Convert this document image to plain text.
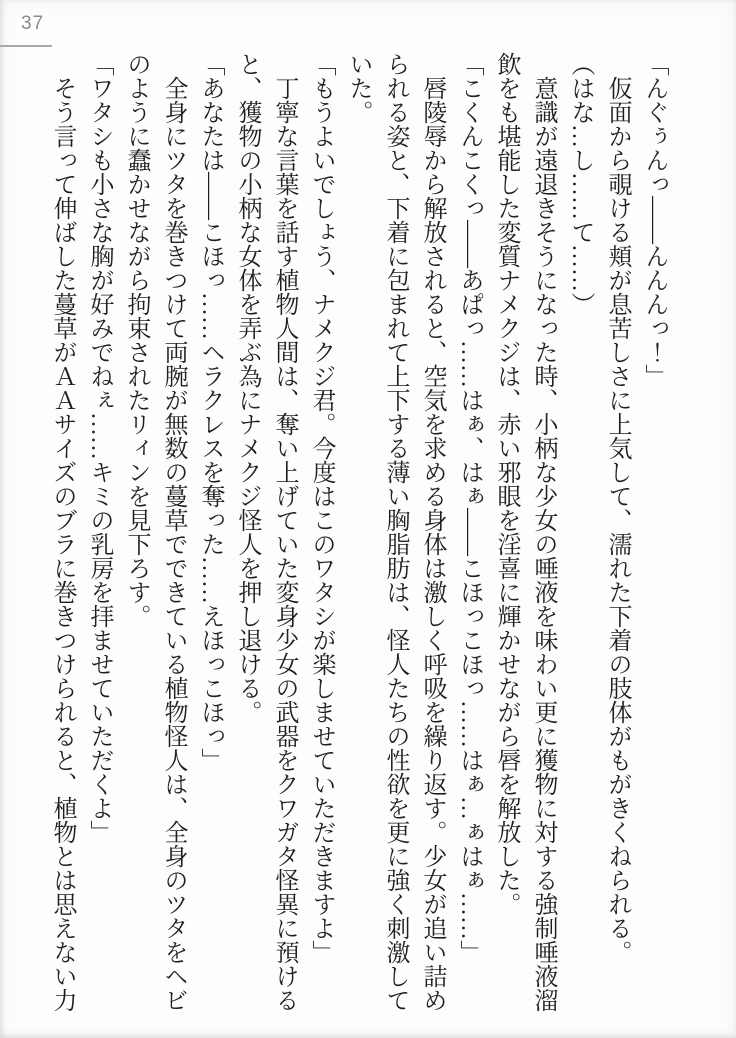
37

「んぐぅんっ――んんんっ！」

　仮面から覗ける頬が息苦しさに上気して、濡れた下着の肢体がもがきくねられる。

（はな…し……て……）

　意識が遠退きそうになった時、小柄な少女の唾液を味わい更に獲物に対する強制唾液溜

飲をも堪能した変質ナメクジは、赤い邪眼を淫喜に輝かせながら唇を解放した。

「こくんこくっ――あぱっ……はぁ、はぁ――こほっこほっ……はぁ…ぁはぁ……」

　唇陵辱から解放されると、空気を求める身体は激しく呼吸を繰り返す。少女が追い詰め

られる姿と、下着に包まれて上下する薄い胸脂肪は、怪人たちの性欲を更に強く刺激して

いた。

「もうよいでしょう、ナメクジ君。今度はこのワタシが楽しませていただきますよ」

　丁寧な言葉を話す植物人間は、奪い上げていた変身少女の武器をクワガタ怪異に預ける

と、獲物の小柄な女体を弄ぶ為にナメクジ怪人を押し退ける。

「あなたは――こほっ……ヘラクレスを奪った……えほっこほっ」

　全身にツタを巻きつけて両腕が無数の蔓草でできている植物怪人は、全身のツタをヘビ

のように蠢かせながら拘束されたリィンを見下ろす。

「ワタシも小さな胸が好みでねぇ……キミの乳房を拝ませていただくよ」

　そう言って伸ばした蔓草がＡＡサイズのブラに巻きつけられると、植物とは思えない力
